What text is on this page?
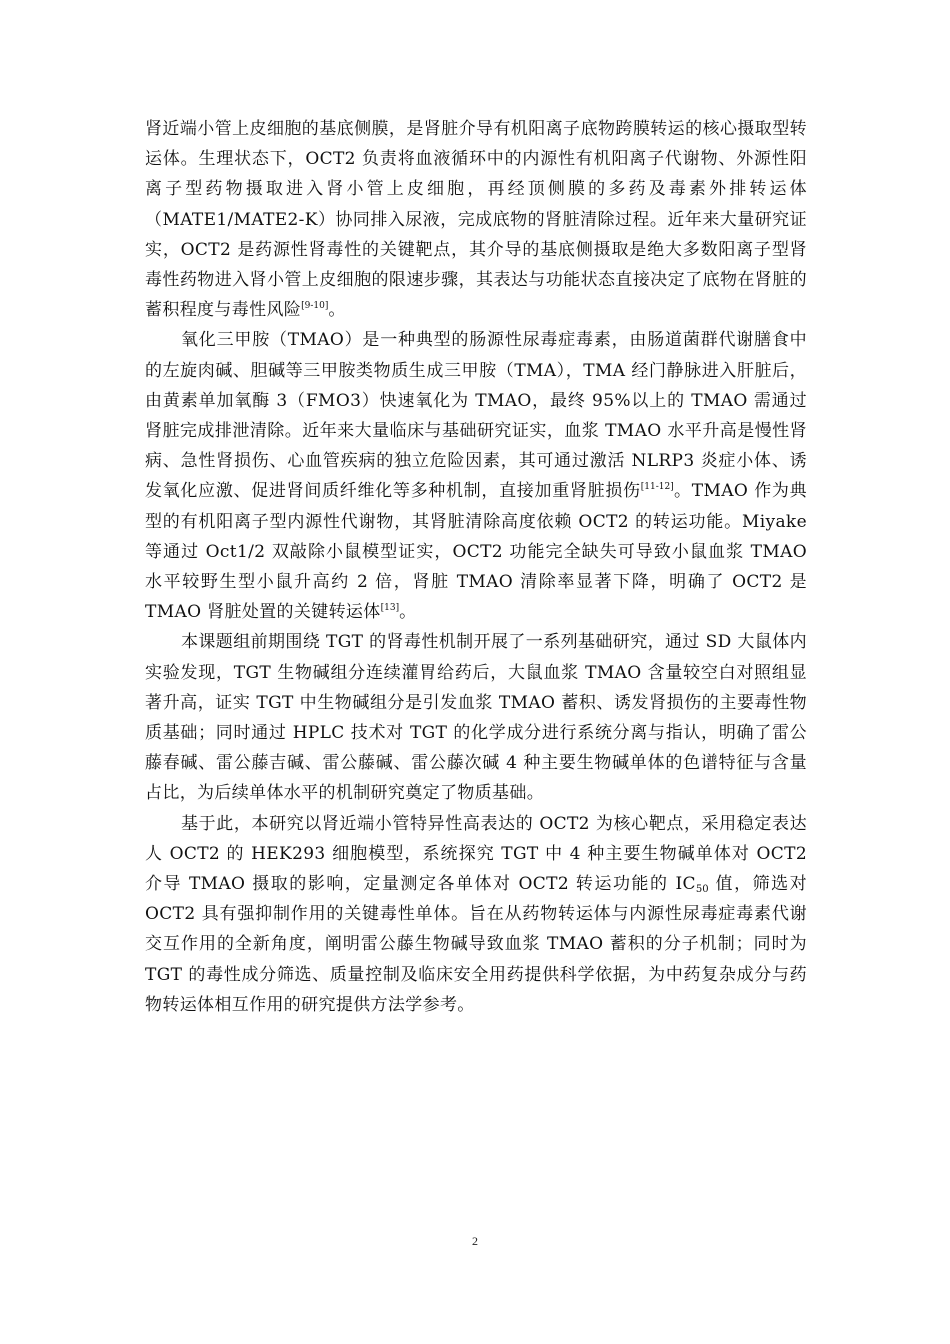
肾近端小管上皮细胞的基底侧膜，是肾脏介导有机阳离子底物跨膜转运的核心摄取型转运体。生理状态下，OCT2 负责将血液循环中的内源性有机阳离子代谢物、外源性阳离子型药物摄取进入肾小管上皮细胞，再经顶侧膜的多药及毒素外排转运体（MATE1/MATE2-K）协同排入尿液，完成底物的肾脏清除过程。近年来大量研究证实，OCT2 是药源性肾毒性的关键靶点，其介导的基底侧摄取是绝大多数阳离子型肾毒性药物进入肾小管上皮细胞的限速步骤，其表达与功能状态直接决定了底物在肾脏的蓄积程度与毒性风险[9-10]。

氧化三甲胺（TMAO）是一种典型的肠源性尿毒症毒素，由肠道菌群代谢膳食中的左旋肉碱、胆碱等三甲胺类物质生成三甲胺（TMA），TMA 经门静脉进入肝脏后，由黄素单加氧酶 3（FMO3）快速氧化为 TMAO，最终 95%以上的 TMAO 需通过肾脏完成排泄清除。近年来大量临床与基础研究证实，血浆 TMAO 水平升高是慢性肾病、急性肾损伤、心血管疾病的独立危险因素，其可通过激活 NLRP3 炎症小体、诱发氧化应激、促进肾间质纤维化等多种机制，直接加重肾脏损伤[11-12]。TMAO 作为典型的有机阳离子型内源性代谢物，其肾脏清除高度依赖 OCT2 的转运功能。Miyake 等通过 Oct1/2 双敲除小鼠模型证实，OCT2 功能完全缺失可导致小鼠血浆 TMAO 水平较野生型小鼠升高约 2 倍，肾脏 TMAO 清除率显著下降，明确了 OCT2 是 TMAO 肾脏处置的关键转运体[13]。

本课题组前期围绕 TGT 的肾毒性机制开展了一系列基础研究，通过 SD 大鼠体内实验发现，TGT 生物碱组分连续灌胃给药后，大鼠血浆 TMAO 含量较空白对照组显著升高，证实 TGT 中生物碱组分是引发血浆 TMAO 蓄积、诱发肾损伤的主要毒性物质基础；同时通过 HPLC 技术对 TGT 的化学成分进行系统分离与指认，明确了雷公藤春碱、雷公藤吉碱、雷公藤碱、雷公藤次碱 4 种主要生物碱单体的色谱特征与含量占比，为后续单体水平的机制研究奠定了物质基础。

基于此，本研究以肾近端小管特异性高表达的 OCT2 为核心靶点，采用稳定表达人 OCT2 的 HEK293 细胞模型，系统探究 TGT 中 4 种主要生物碱单体对 OCT2 介导 TMAO 摄取的影响，定量测定各单体对 OCT2 转运功能的 $IC_{50}$ 值，筛选对 OCT2 具有强抑制作用的关键毒性单体。旨在从药物转运体与内源性尿毒症毒素代谢交互作用的全新角度，阐明雷公藤生物碱导致血浆 TMAO 蓄积的分子机制；同时为 TGT 的毒性成分筛选、质量控制及临床安全用药提供科学依据，为中药复杂成分与药物转运体相互作用的研究提供方法学参考。

2
